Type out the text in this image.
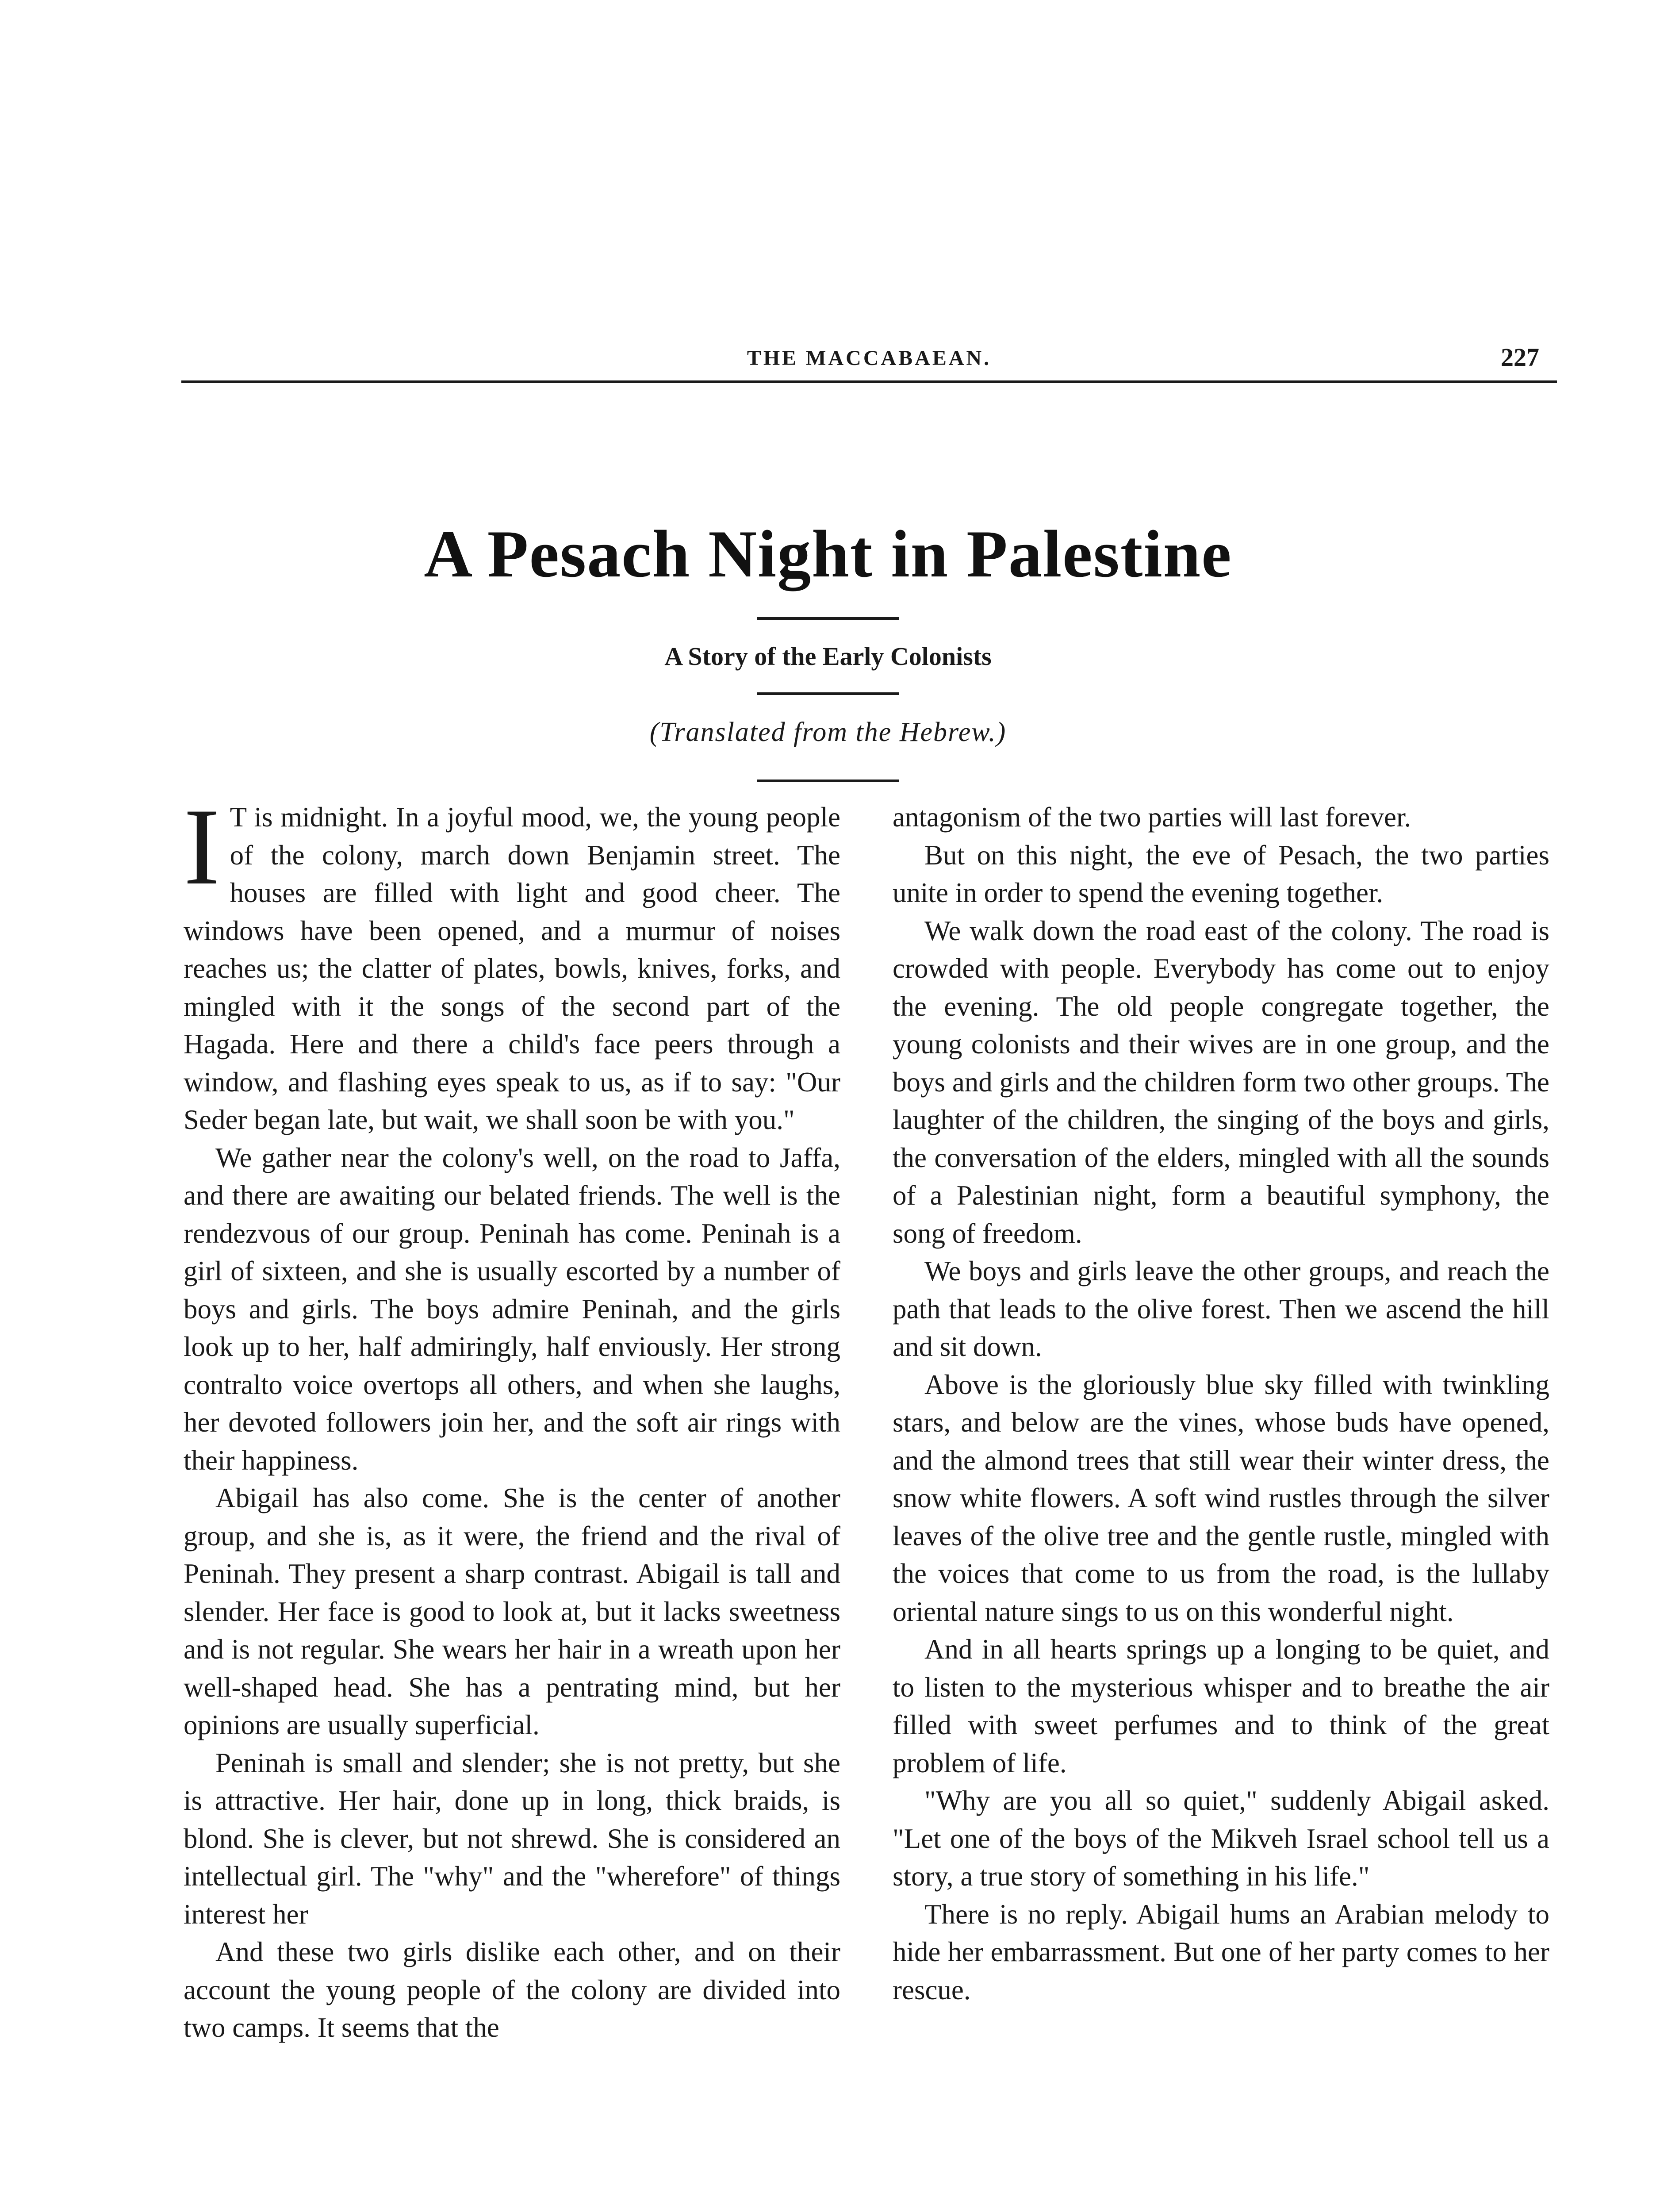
THE MACCABAEAN.	227
A Pesach Night in Palestine
A Story of the Early Colonists
(Translated from the Hebrew.)

I T is midnight. In a joyful mood, we, the young people of the colony, march down Benjamin street. The houses are filled with light and good cheer. The windows have been opened, and a murmur of noises reaches us; the clatter of plates, bowls, knives, forks, and mingled with it the songs of the second part of the Hagada. Here and there a child's face peers through a window, and flashing eyes speak to us, as if to say: "Our Seder began late, but wait, we shall soon be with you."

We gather near the colony's well, on the road to Jaffa, and there are awaiting our belated friends. The well is the rendezvous of our group. Peninah has come. Peninah is a girl of sixteen, and she is usually escorted by a number of boys and girls. The boys admire Peninah, and the girls look up to her, half admiringly, half enviously. Her strong contralto voice overtops all others, and when she laughs, her devoted followers join her, and the soft air rings with their happiness.

Abigail has also come. She is the center of another group, and she is, as it were, the friend and the rival of Peninah. They present a sharp contrast. Abigail is tall and slender. Her face is good to look at, but it lacks sweetness and is not regular. She wears her hair in a wreath upon her well-shaped head. She has a pentrating mind, but her opinions are usually superficial.

Peninah is small and slender; she is not pretty, but she is attractive. Her hair, done up in long, thick braids, is blond. She is clever, but not shrewd. She is considered an intellectual girl. The "why" and the "wherefore" of things interest her

And these two girls dislike each other, and on their account the young people of the colony are divided into two camps. It seems that the

antagonism of the two parties will last forever.

But on this night, the eve of Pesach, the two parties unite in order to spend the evening together.

We walk down the road east of the colony. The road is crowded with people. Everybody has come out to enjoy the evening. The old people congregate together, the young colonists and their wives are in one group, and the boys and girls and the children form two other groups. The laughter of the children, the singing of the boys and girls, the conversation of the elders, mingled with all the sounds of a Palestinian night, form a beautiful symphony, the song of freedom.

We boys and girls leave the other groups, and reach the path that leads to the olive forest. Then we ascend the hill and sit down.

Above is the gloriously blue sky filled with twinkling stars, and below are the vines, whose buds have opened, and the almond trees that still wear their winter dress, the snow white flowers. A soft wind rustles through the silver leaves of the olive tree and the gentle rustle, mingled with the voices that come to us from the road, is the lullaby oriental nature sings to us on this wonderful night.

And in all hearts springs up a longing to be quiet, and to listen to the mysterious whisper and to breathe the air filled with sweet perfumes and to think of the great problem of life.

"Why are you all so quiet," suddenly Abigail asked. "Let one of the boys of the Mikveh Israel school tell us a story, a true story of something in his life."

There is no reply. Abigail hums an Arabian melody to hide her embarrassment. But one of her party comes to her rescue.
